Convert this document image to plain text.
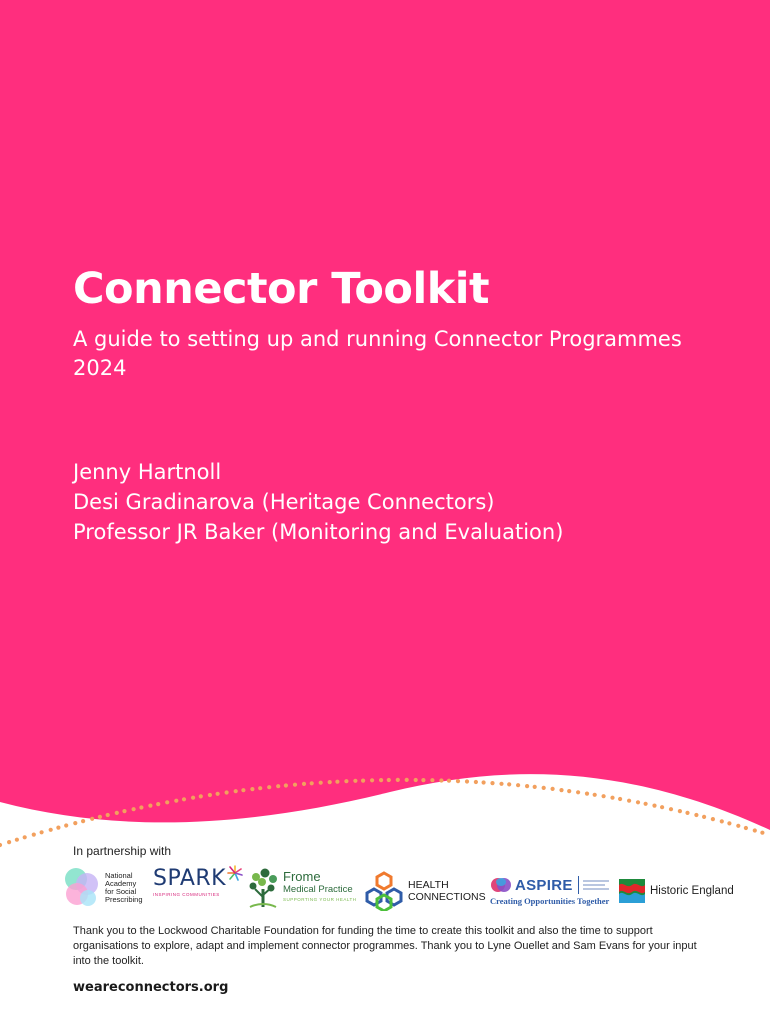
Connector Toolkit

A guide to setting up and running Connector Programmes
2024

Jenny Hartnoll
Desi Gradinarova (Heritage Connectors)
Professor JR Baker (Monitoring and Evaluation)
In partnership with
National
Academy
for Social
Prescribing
SPARK
INSPIRING COMMUNITIES
Frome
Medical Practice
SUPPORTING YOUR HEALTH
HEALTH
CONNECTIONS
ASPIRE
Creating Opportunities Together
Historic England

Thank you to the Lockwood Charitable Foundation for funding the time to create this toolkit and also the time to support organisations to explore, adapt and implement connector programmes. Thank you to Lyne Ouellet and Sam Evans for your input into the toolkit.

weareconnectors.org
